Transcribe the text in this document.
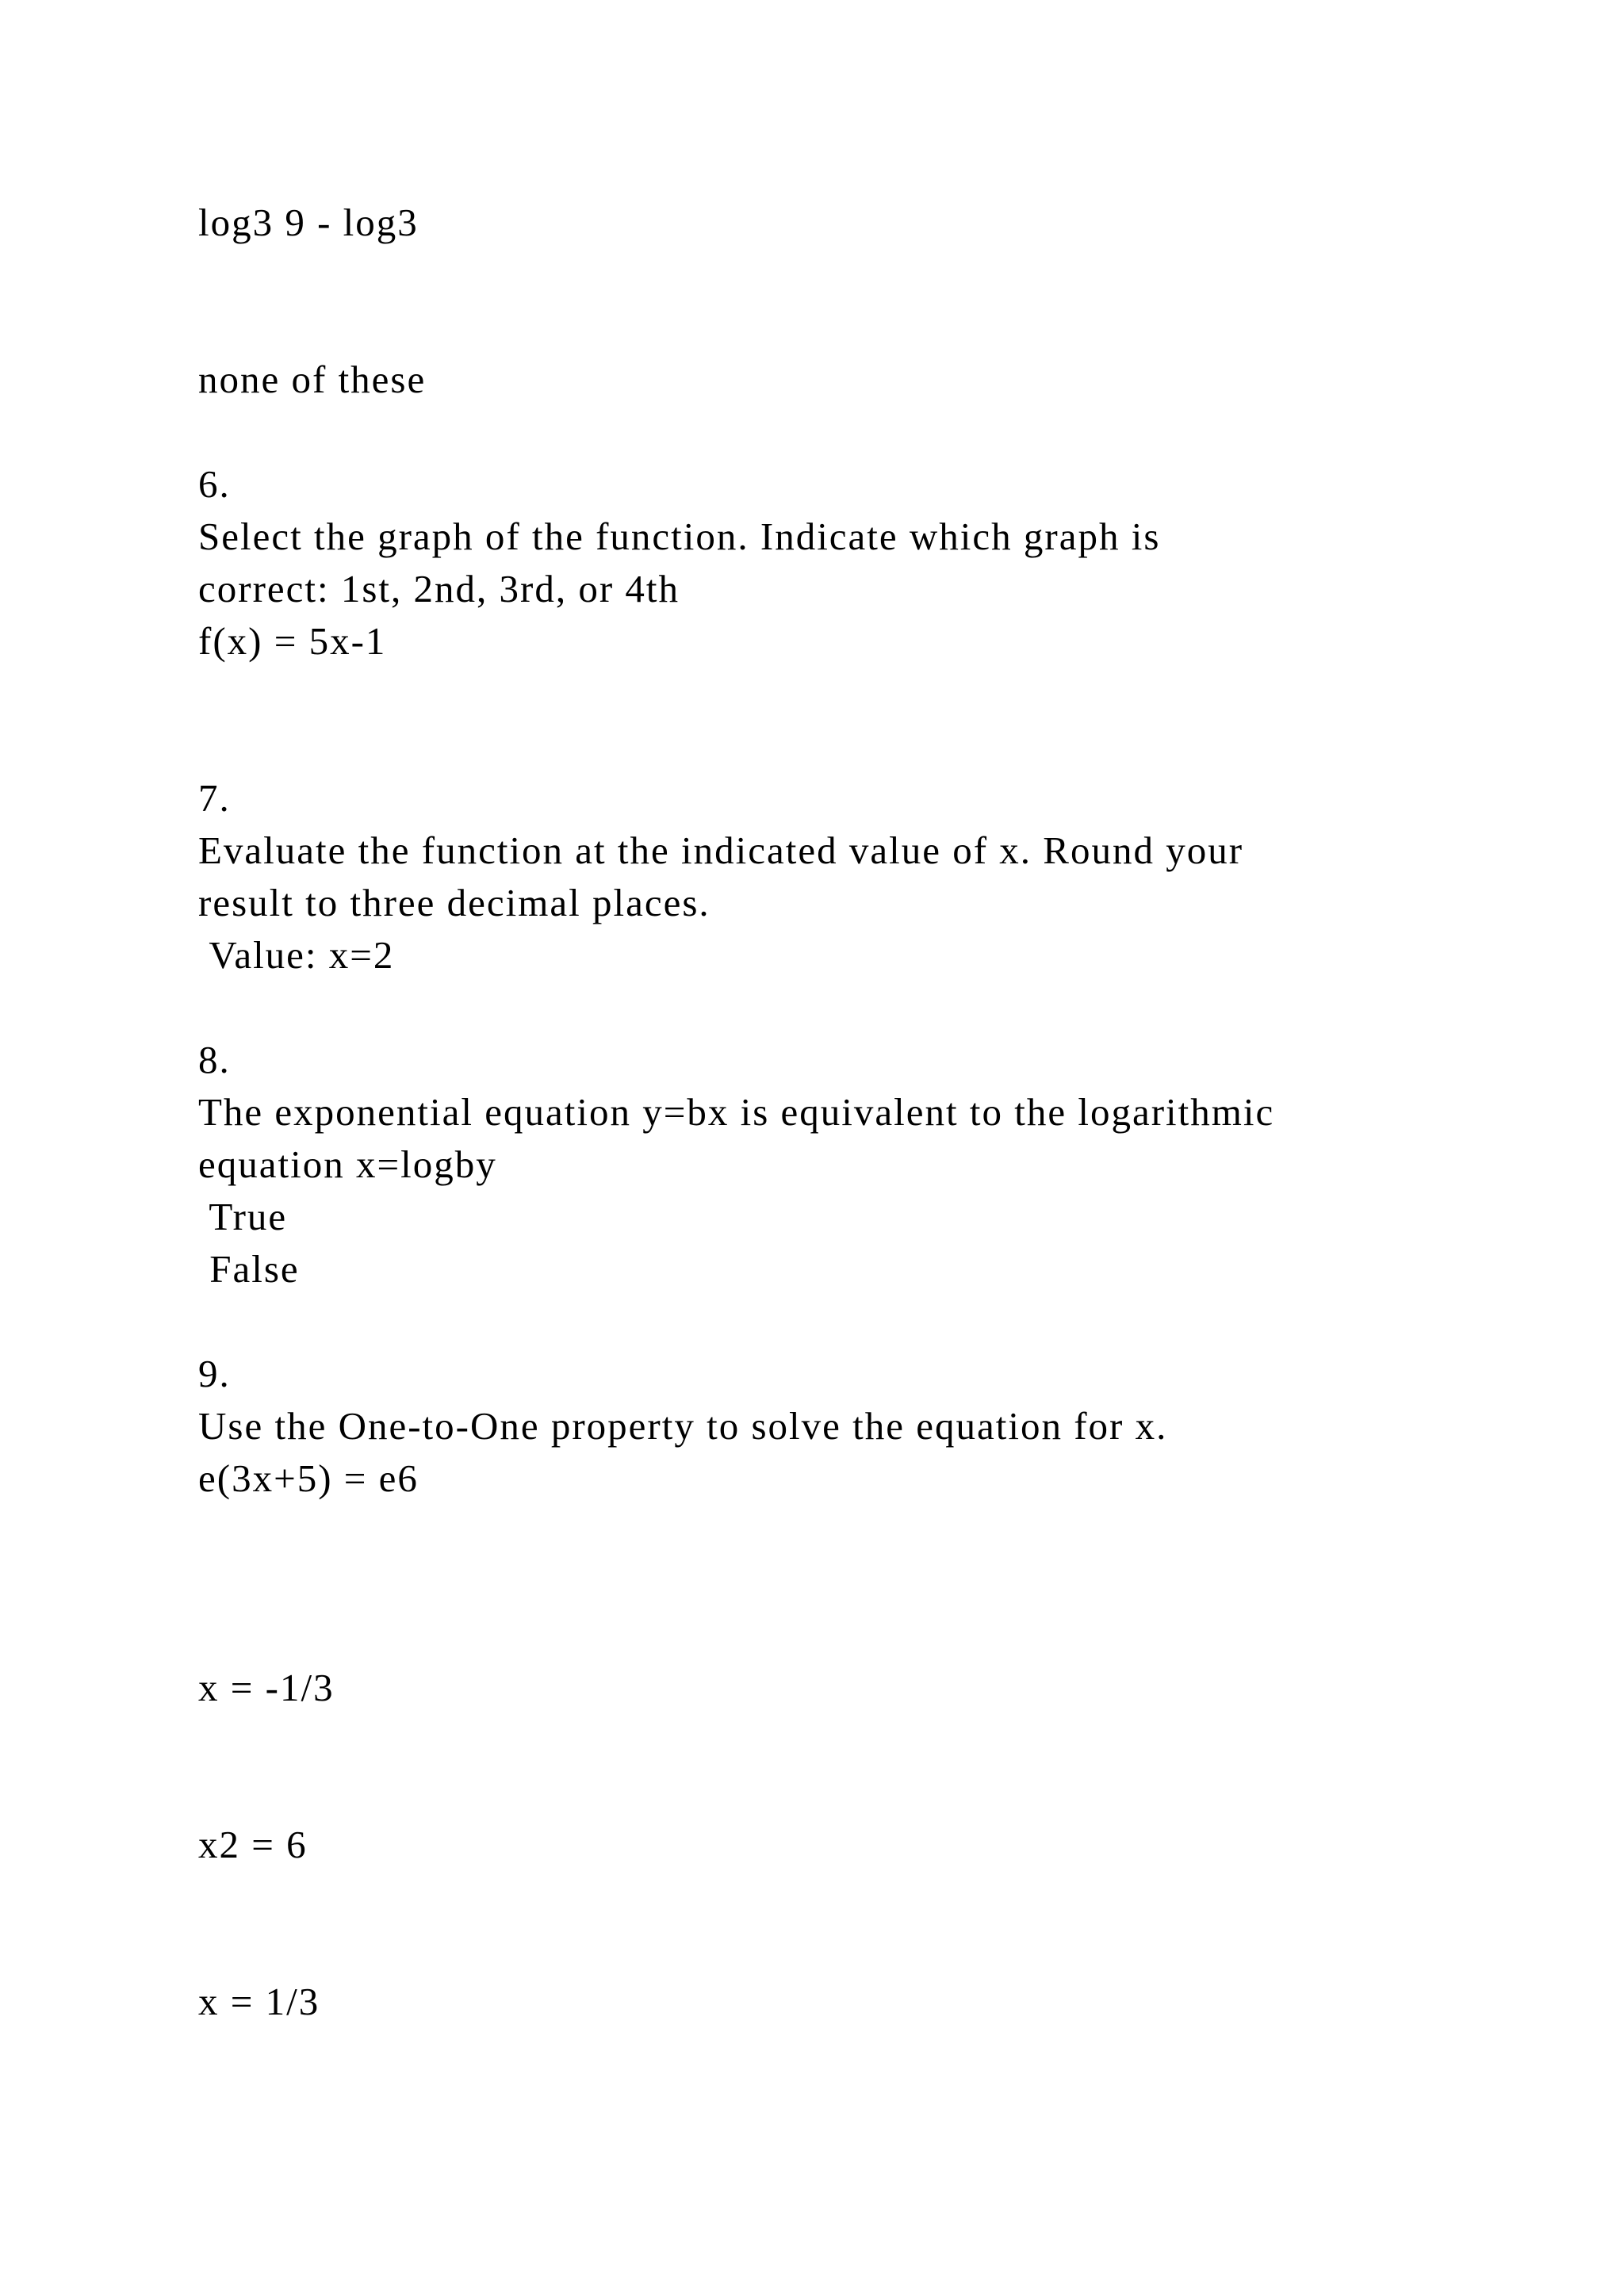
log3 9 - log3
none of these
6.
Select the graph of the function. Indicate which graph is
correct: 1st, 2nd, 3rd, or 4th
f(x) = 5x-1
7.
Evaluate the function at the indicated value of x. Round your
result to three decimal places.
Value: x=2
8.
The exponential equation y=bx is equivalent to the logarithmic
equation x=logby
True
False
9.
Use the One-to-One property to solve the equation for x.
e(3x+5) = e6
x = -1/3
x2 = 6
x = 1/3
